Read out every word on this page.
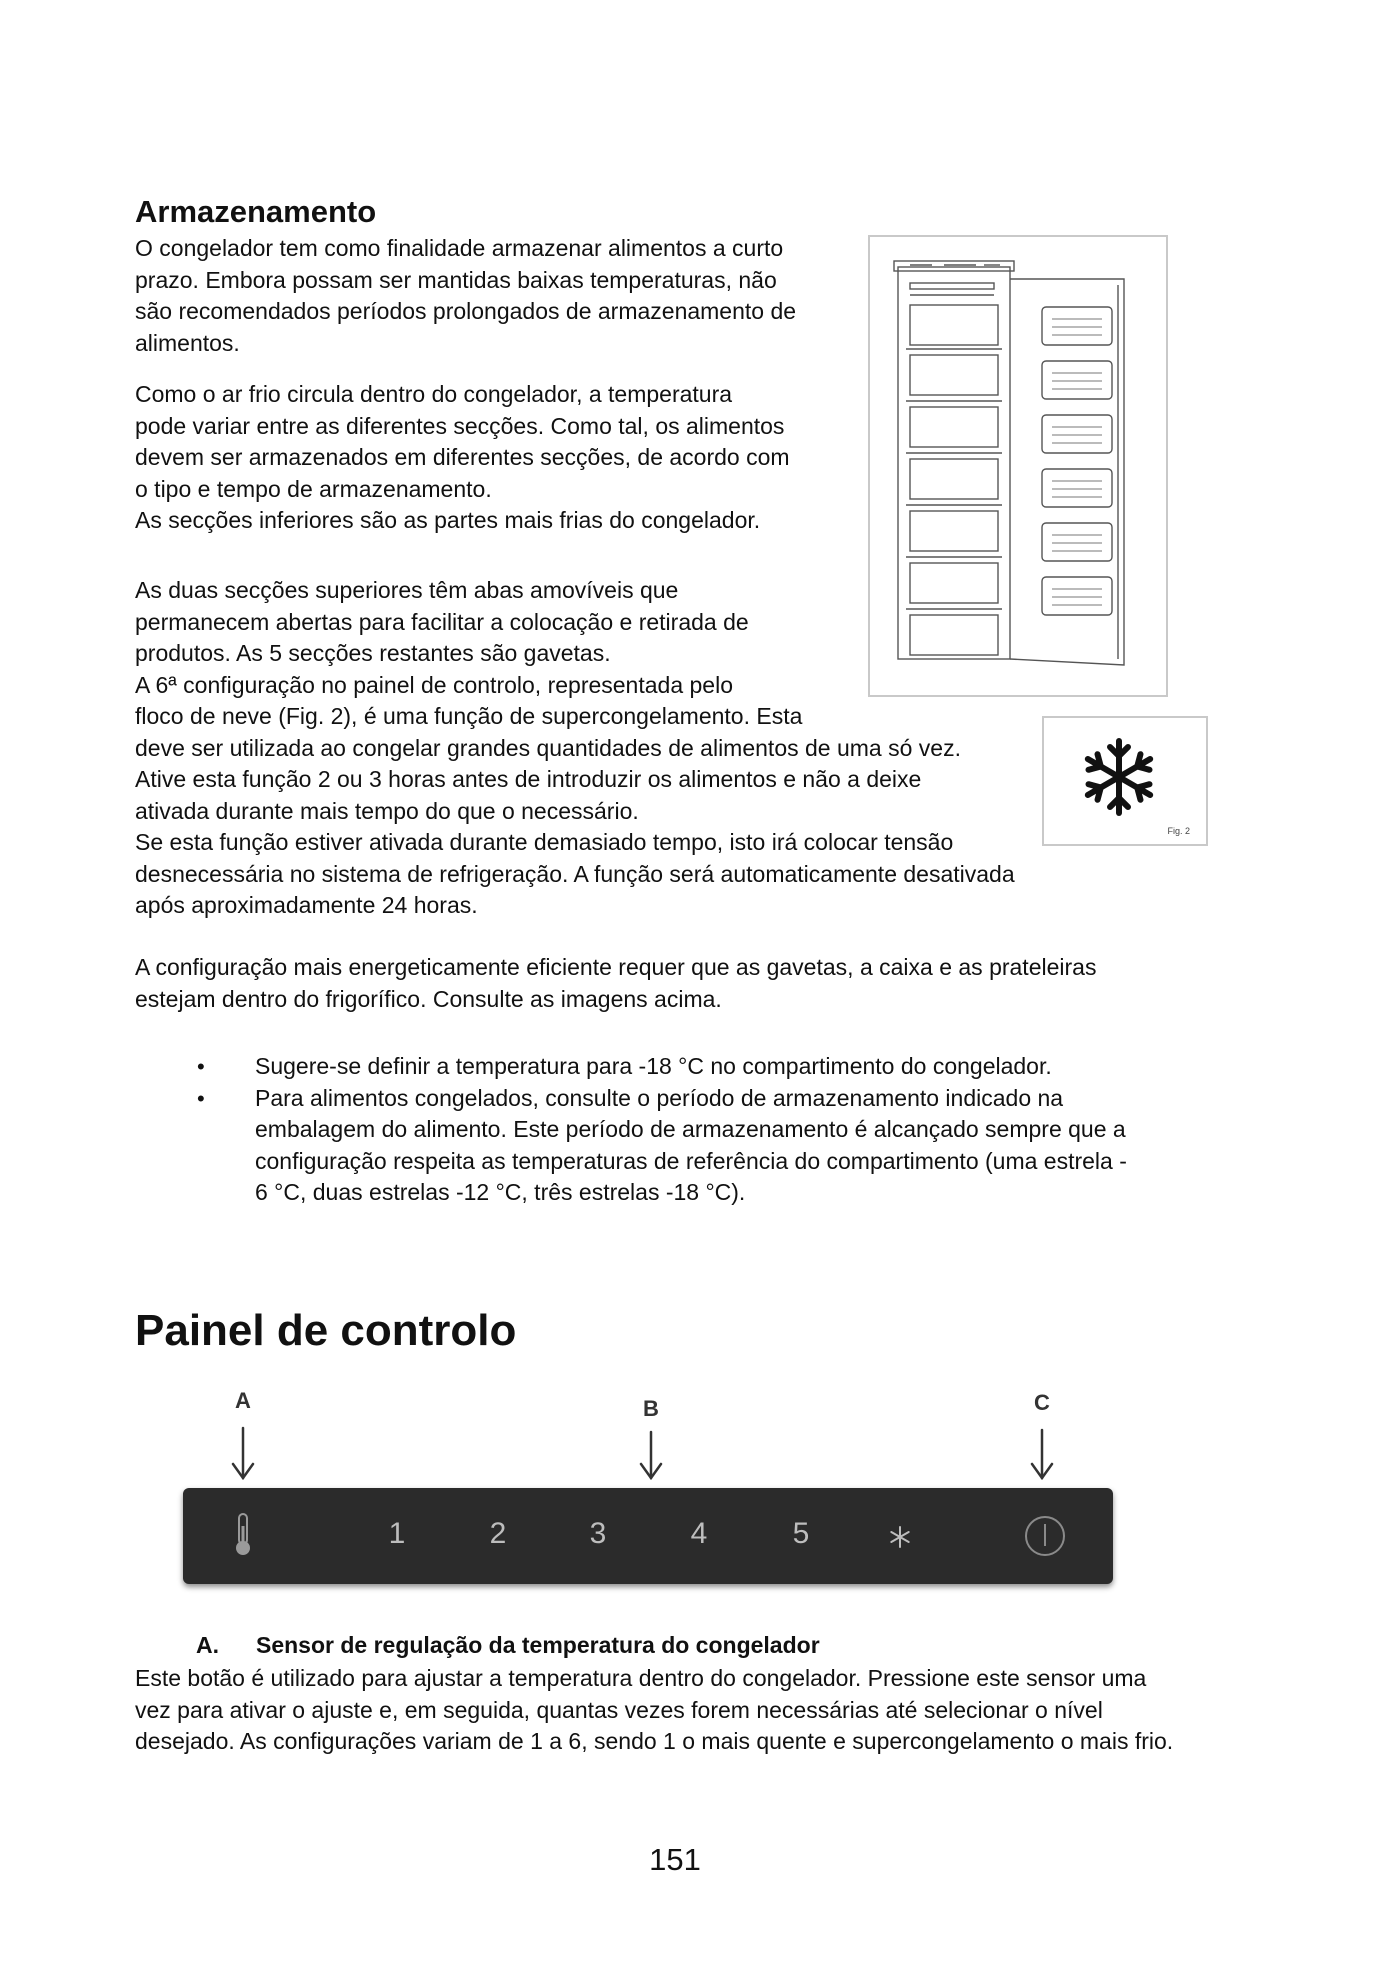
Armazenamento

O congelador tem como finalidade armazenar alimentos a curto
prazo. Embora possam ser mantidas baixas temperaturas, não
são recomendados períodos prolongados de armazenamento de
alimentos.

Como o ar frio circula dentro do congelador, a temperatura
pode variar entre as diferentes secções. Como tal, os alimentos
devem ser armazenados em diferentes secções, de acordo com
o tipo e tempo de armazenamento.
As secções inferiores são as partes mais frias do congelador.

As duas secções superiores têm abas amovíveis que
permanecem abertas para facilitar a colocação e retirada de
produtos. As 5 secções restantes são gavetas.
A 6ª configuração no painel de controlo, representada pelo
floco de neve (Fig. 2), é uma função de supercongelamento. Esta
deve ser utilizada ao congelar grandes quantidades de alimentos de uma só vez.
Ative esta função 2 ou 3 horas antes de introduzir os alimentos e não a deixe
ativada durante mais tempo do que o necessário.
Se esta função estiver ativada durante demasiado tempo, isto irá colocar tensão
desnecessária no sistema de refrigeração. A função será automaticamente desativada
após aproximadamente 24 horas.

A configuração mais energeticamente eficiente requer que as gavetas, a caixa e as prateleiras
estejam dentro do frigorífico. Consulte as imagens acima.

• Sugere-se definir a temperatura para -18 °C no compartimento do congelador.
• Para alimentos congelados, consulte o período de armazenamento indicado na
embalagem do alimento. Este período de armazenamento é alcançado sempre que a
configuração respeita as temperaturas de referência do compartimento (uma estrela -
6 °C, duas estrelas -12 °C, três estrelas -18 °C).
Fig. 2
Painel de controlo
A	B	C
1	2	3	4	5
A. Sensor de regulação da temperatura do congelador

Este botão é utilizado para ajustar a temperatura dentro do congelador. Pressione este sensor uma
vez para ativar o ajuste e, em seguida, quantas vezes forem necessárias até selecionar o nível
desejado. As configurações variam de 1 a 6, sendo 1 o mais quente e supercongelamento o mais frio.

151
